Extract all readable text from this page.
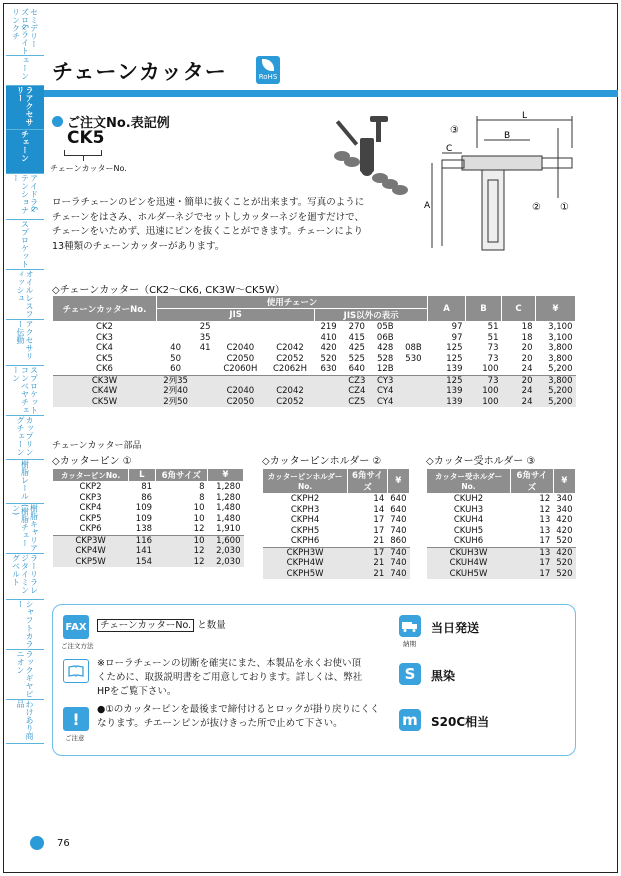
セミデリーズロ&ライトリンクチ
ェーン
ラアクセサリー
チェーン
アイドラ&テンショナー
スプロケット
オイルレスフィッシュ
アクセサリー伝動
スプロケットコンベヤチェーン
カップリングチェーン
樹脂レール
樹脂キャリア(樹脂チェーン)
ラーリラレジタイミングベルト
シャフトカラー
ラックギヤピニオン
わけあり商品
チェーンカッター	RoHS
ご注文No.表記例
CK5
チェーンカッターNo.
ローラチェーンのピンを迅速・簡単に抜くことが出来ます。写真のようにチェーンをはさみ、ホルダーネジでセットしカッターネジを廻すだけで、チェーンをいためず、迅速にピンを抜くことができます。チェーンにより13種類のチェーンカッターがあります。
L
B
C
A	①
②
③
◇チェーンカッター（CK2～CK6, CK3W～CK5W）
チェーンカッターNo.	使用チェーン								A	B	C	¥
	JIS				JIS以外の表示							
CK2		25			219	270	05B		97	51	18	3,100
CK3		35			410	415	06B		97	51	18	3,100
CK4	40	41	C2040	C2042	420	425	428	08B	125	73	20	3,800
CK5	50		C2050	C2052	520	525	528	530	125	73	20	3,800
CK6	60		C2060H	C2062H	630	640	12B		139	100	24	5,200
CK3W	2列35					CZ3	CY3		125	73	20	3,800
CK4W	2列40		C2040	C2042		CZ4	CY4		139	100	24	5,200
CK5W	2列50		C2050	C2052		CZ5	CY4		139	100	24	5,200
チェーンカッター部品
◇カッターピン ①	◇カッターピンホルダー ②	◇カッター受ホルダー ③
カッターピンNo.	L	6角サイズ	¥
CKP2	81	8	1,280
CKP3	86	8	1,280
CKP4	109	10	1,480
CKP5	109	10	1,480
CKP6	138	12	1,910
CKP3W	116	10	1,600
CKP4W	141	12	2,030
CKP5W	154	12	2,030
カッターピンホルダーNo.	6角サイズ	¥
CKPH2	14	640
CKPH3	14	640
CKPH4	17	740
CKPH5	17	740
CKPH6	21	860
CKPH3W	17	740
CKPH4W	21	740
CKPH5W	21	740
カッター受ホルダーNo.	6角サイズ	¥
CKUH2	12	340
CKUH3	12	340
CKUH4	13	420
CKUH5	13	420
CKUH6	17	520
CKUH3W	13	420
CKUH4W	17	520
CKUH5W	17	520
FAX
ご注文方法
チェーンカッターNo. と数量
※ローラチェーンの切断を確実にまた、本製品を永くお使い頂くために、取扱説明書をご用意しております。詳しくは、弊社HPをご覧下さい。
!
ご注意
●①のカッターピンを最後まで締付けるとロックが掛り戻りにくくなります。チエーンピンが抜けきった所で止めて下さい。
納期
当日発送
S	黒染
m S20C相当
76
